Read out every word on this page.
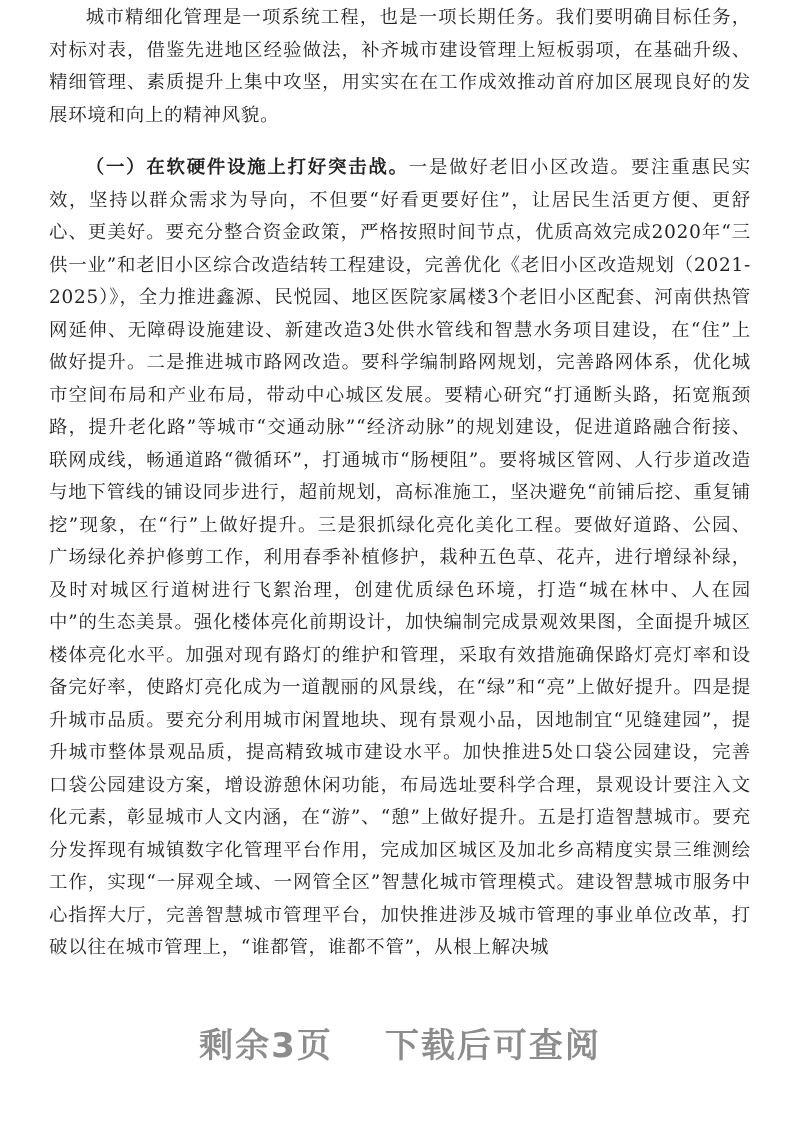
城市精细化管理是一项系统工程，也是一项长期任务。我们要明确目标任务，对标对表，借鉴先进地区经验做法，补齐城市建设管理上短板弱项，在基础升级、精细管理、素质提升上集中攻坚，用实实在在工作成效推动首府加区展现良好的发展环境和向上的精神风貌。

（一）在软硬件设施上打好突击战。一是做好老旧小区改造。要注重惠民实效，坚持以群众需求为导向，不但要“好看更要好住”，让居民生活更方便、更舒心、更美好。要充分整合资金政策，严格按照时间节点，优质高效完成2020年“三供一业”和老旧小区综合改造结转工程建设，完善优化《老旧小区改造规划（2021-2025）》，全力推进鑫源、民悦园、地区医院家属楼3个老旧小区配套、河南供热管网延伸、无障碍设施建设、新建改造3处供水管线和智慧水务项目建设，在“住”上做好提升。二是推进城市路网改造。要科学编制路网规划，完善路网体系，优化城市空间布局和产业布局，带动中心城区发展。要精心研究“打通断头路，拓宽瓶颈路，提升老化路”等城市“交通动脉”“经济动脉”的规划建设，促进道路融合衔接、联网成线，畅通道路“微循环”，打通城市“肠梗阻”。要将城区管网、人行步道改造与地下管线的铺设同步进行，超前规划，高标准施工，坚决避免“前铺后挖、重复铺挖”现象，在“行”上做好提升。三是狠抓绿化亮化美化工程。要做好道路、公园、广场绿化养护修剪工作，利用春季补植修护，栽种五色草、花卉，进行增绿补绿，及时对城区行道树进行飞絮治理，创建优质绿色环境，打造“城在林中、人在园中”的生态美景。强化楼体亮化前期设计，加快编制完成景观效果图，全面提升城区楼体亮化水平。加强对现有路灯的维护和管理，采取有效措施确保路灯亮灯率和设备完好率，使路灯亮化成为一道靓丽的风景线，在“绿”和“亮”上做好提升。四是提升城市品质。要充分利用城市闲置地块、现有景观小品，因地制宜“见缝建园”，提升城市整体景观品质，提高精致城市建设水平。加快推进5处口袋公园建设，完善口袋公园建设方案，增设游憩休闲功能，布局选址要科学合理，景观设计要注入文化元素，彰显城市人文内涵，在“游”、“憩”上做好提升。五是打造智慧城市。要充分发挥现有城镇数字化管理平台作用，完成加区城区及加北乡高精度实景三维测绘工作，实现“一屏观全域、一网管全区”智慧化城市管理模式。建设智慧城市服务中心指挥大厅，完善智慧城市管理平台，加快推进涉及城市管理的事业单位改革，打破以往在城市管理上，“谁都管，谁都不管”，从根上解决城

剩余3页 下载后可查阅
